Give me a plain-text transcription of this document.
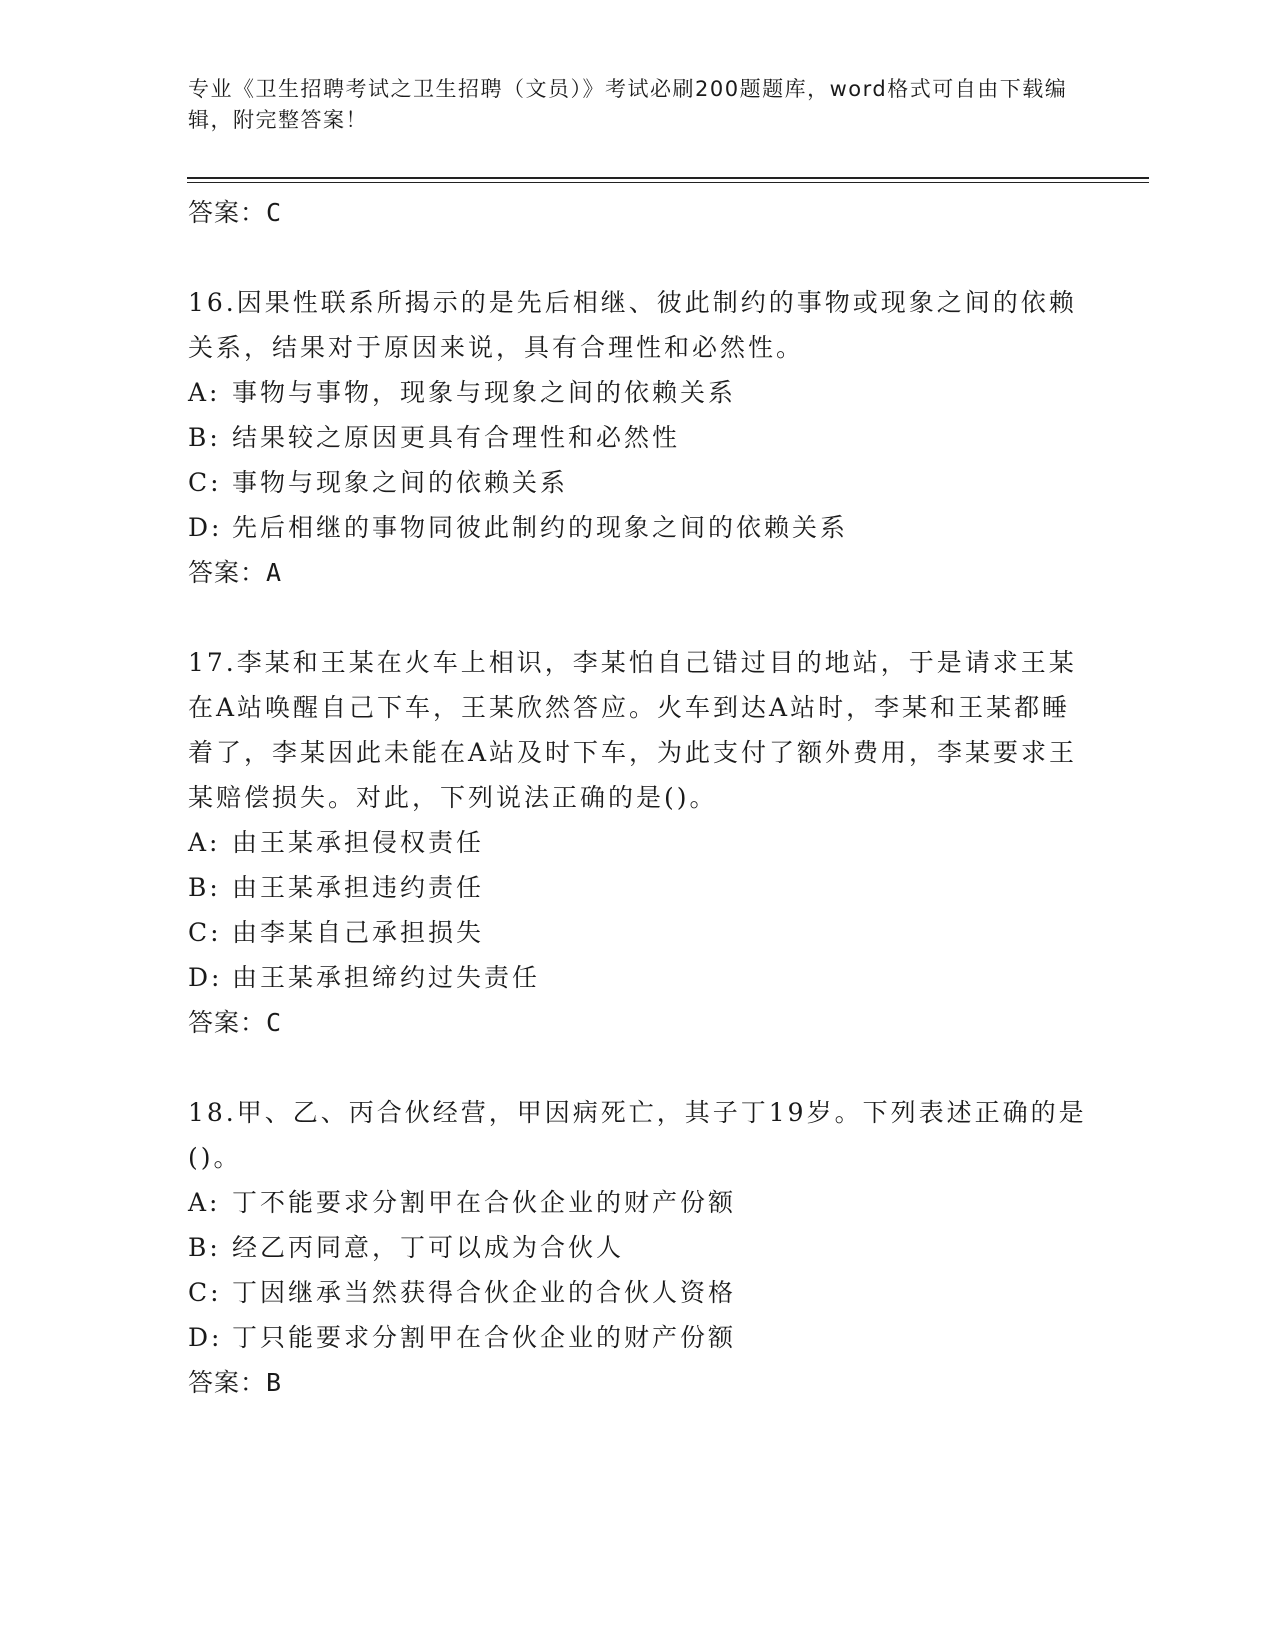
专业《卫生招聘考试之卫生招聘（文员）》考试必刷200题题库，word格式可自由下载编辑，附完整答案！
答案：C
16.因果性联系所揭示的是先后相继、彼此制约的事物或现象之间的依赖关系，结果对于原因来说，具有合理性和必然性。
A: 事物与事物，现象与现象之间的依赖关系
B: 结果较之原因更具有合理性和必然性
C: 事物与现象之间的依赖关系
D: 先后相继的事物同彼此制约的现象之间的依赖关系
答案：A
17.李某和王某在火车上相识，李某怕自己错过目的地站，于是请求王某在A站唤醒自己下车，王某欣然答应。火车到达A站时，李某和王某都睡着了，李某因此未能在A站及时下车，为此支付了额外费用，李某要求王某赔偿损失。对此，下列说法正确的是()。
A: 由王某承担侵权责任
B: 由王某承担违约责任
C: 由李某自己承担损失
D: 由王某承担缔约过失责任
答案：C
18.甲、乙、丙合伙经营，甲因病死亡，其子丁19岁。下列表述正确的是()。
A: 丁不能要求分割甲在合伙企业的财产份额
B: 经乙丙同意，丁可以成为合伙人
C: 丁因继承当然获得合伙企业的合伙人资格
D: 丁只能要求分割甲在合伙企业的财产份额
答案：B
